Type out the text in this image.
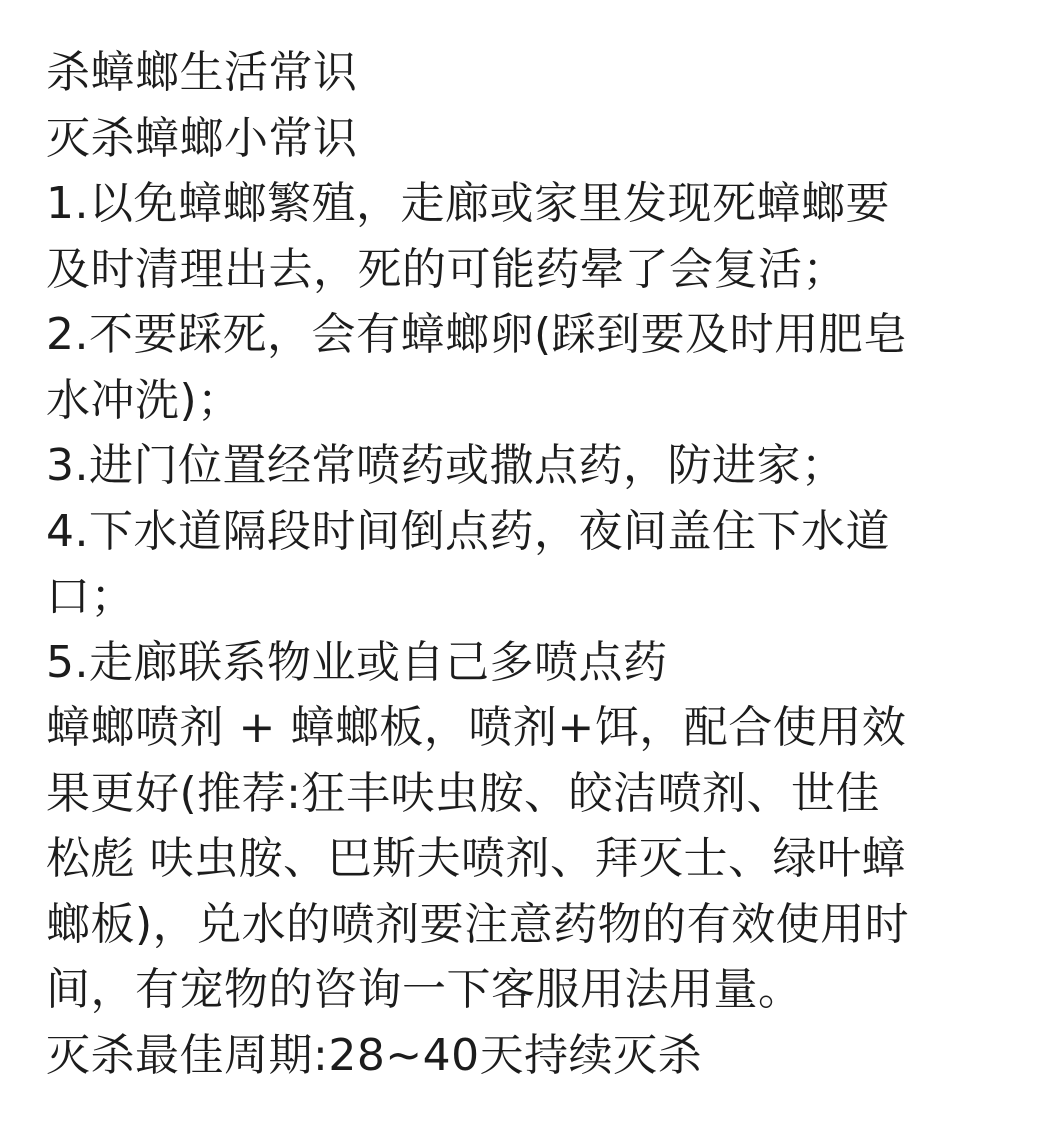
杀蟑螂生活常识

灭杀蟑螂小常识

1.以免蟑螂繁殖，走廊或家里发现死蟑螂要

及时清理出去，死的可能药晕了会复活；

2.不要踩死，会有蟑螂卵(踩到要及时用肥皂

水冲洗)；

3.进门位置经常喷药或撒点药，防进家；

4.下水道隔段时间倒点药，夜间盖住下水道

口；

5.走廊联系物业或自己多喷点药

蟑螂喷剂 + 蟑螂板，喷剂+饵，配合使用效

果更好(推荐:狂丰呋虫胺、皎洁喷剂、世佳

松彪 呋虫胺、巴斯夫喷剂、拜灭士、绿叶蟑

螂板)，兑水的喷剂要注意药物的有效使用时

间，有宠物的咨询一下客服用法用量。

灭杀最佳周期:28~40天持续灭杀
